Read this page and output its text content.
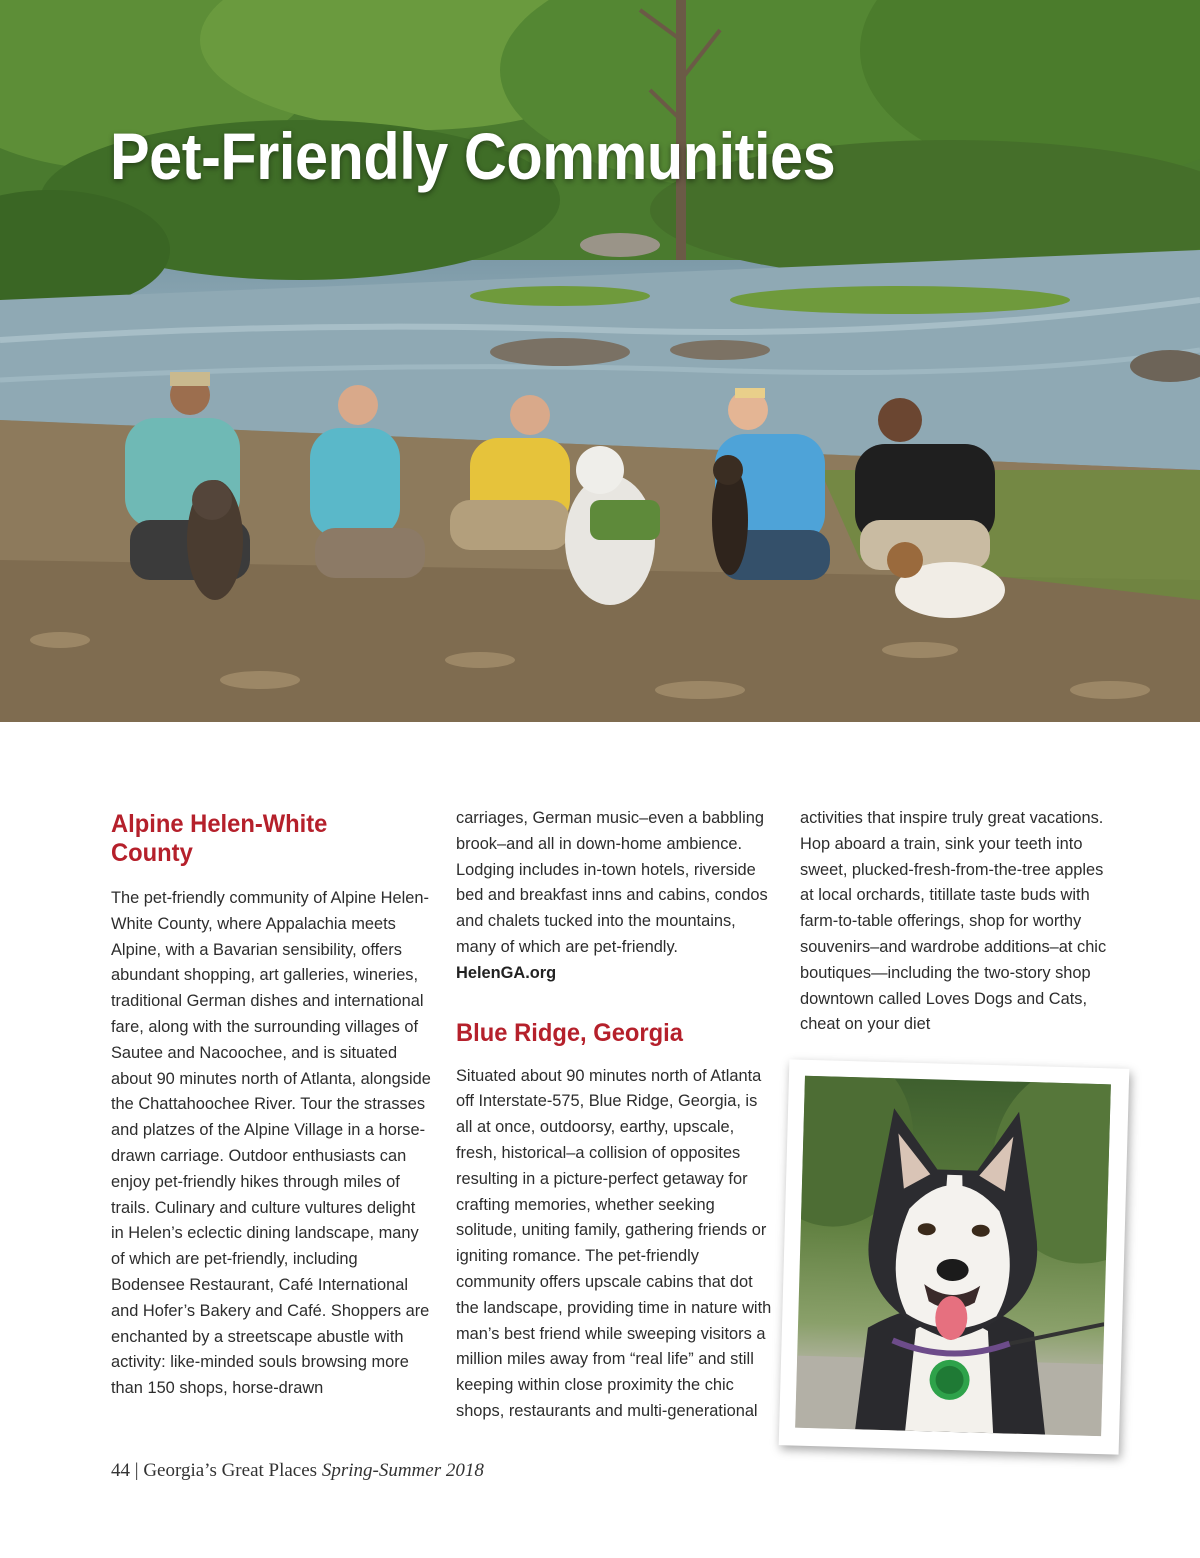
Pet-Friendly Communities
Alpine Helen-White County

The pet-friendly community of Alpine Helen-White County, where Appalachia meets Alpine, with a Bavarian sensibility, offers abundant shopping, art galleries, wineries, traditional German dishes and international fare, along with the surrounding villages of Sautee and Nacoochee, and is situated about 90 minutes north of Atlanta, alongside the Chattahoochee River. Tour the strasses and platzes of the Alpine Village in a horse-drawn carriage. Outdoor enthusiasts can enjoy pet-friendly hikes through miles of trails. Culinary and culture vultures delight in Helen’s eclectic dining landscape, many of which are pet-friendly, including Bodensee Restaurant, Café International and Hofer’s Bakery and Café. Shoppers are enchanted by a streetscape abustle with activity: like-minded souls browsing more than 150 shops, horse-drawn

carriages, German music–even a babbling brook–and all in down-home ambience. Lodging includes in-town hotels, riverside bed and breakfast inns and cabins, condos and chalets tucked into the mountains, many of which are pet-friendly. HelenGA.org

Blue Ridge, Georgia

Situated about 90 minutes north of Atlanta off Interstate-575, Blue Ridge, Georgia, is all at once, outdoorsy, earthy, upscale, fresh, historical–a collision of opposites resulting in a picture-perfect getaway for crafting memories, whether seeking solitude, uniting family, gathering friends or igniting romance. The pet-friendly community offers upscale cabins that dot the landscape, providing time in nature with man’s best friend while sweeping visitors a million miles away from “real life” and still keeping within close proximity the chic shops, restaurants and multi-generational

activities that inspire truly great vacations. Hop aboard a train, sink your teeth into sweet, plucked-fresh-from-the-tree apples at local orchards, titillate taste buds with farm-to-table offerings, shop for worthy souvenirs–and wardrobe additions–at chic boutiques—including the two-story shop downtown called Loves Dogs and Cats, cheat on your diet

44 | Georgia’s Great Places Spring-Summer 2018
